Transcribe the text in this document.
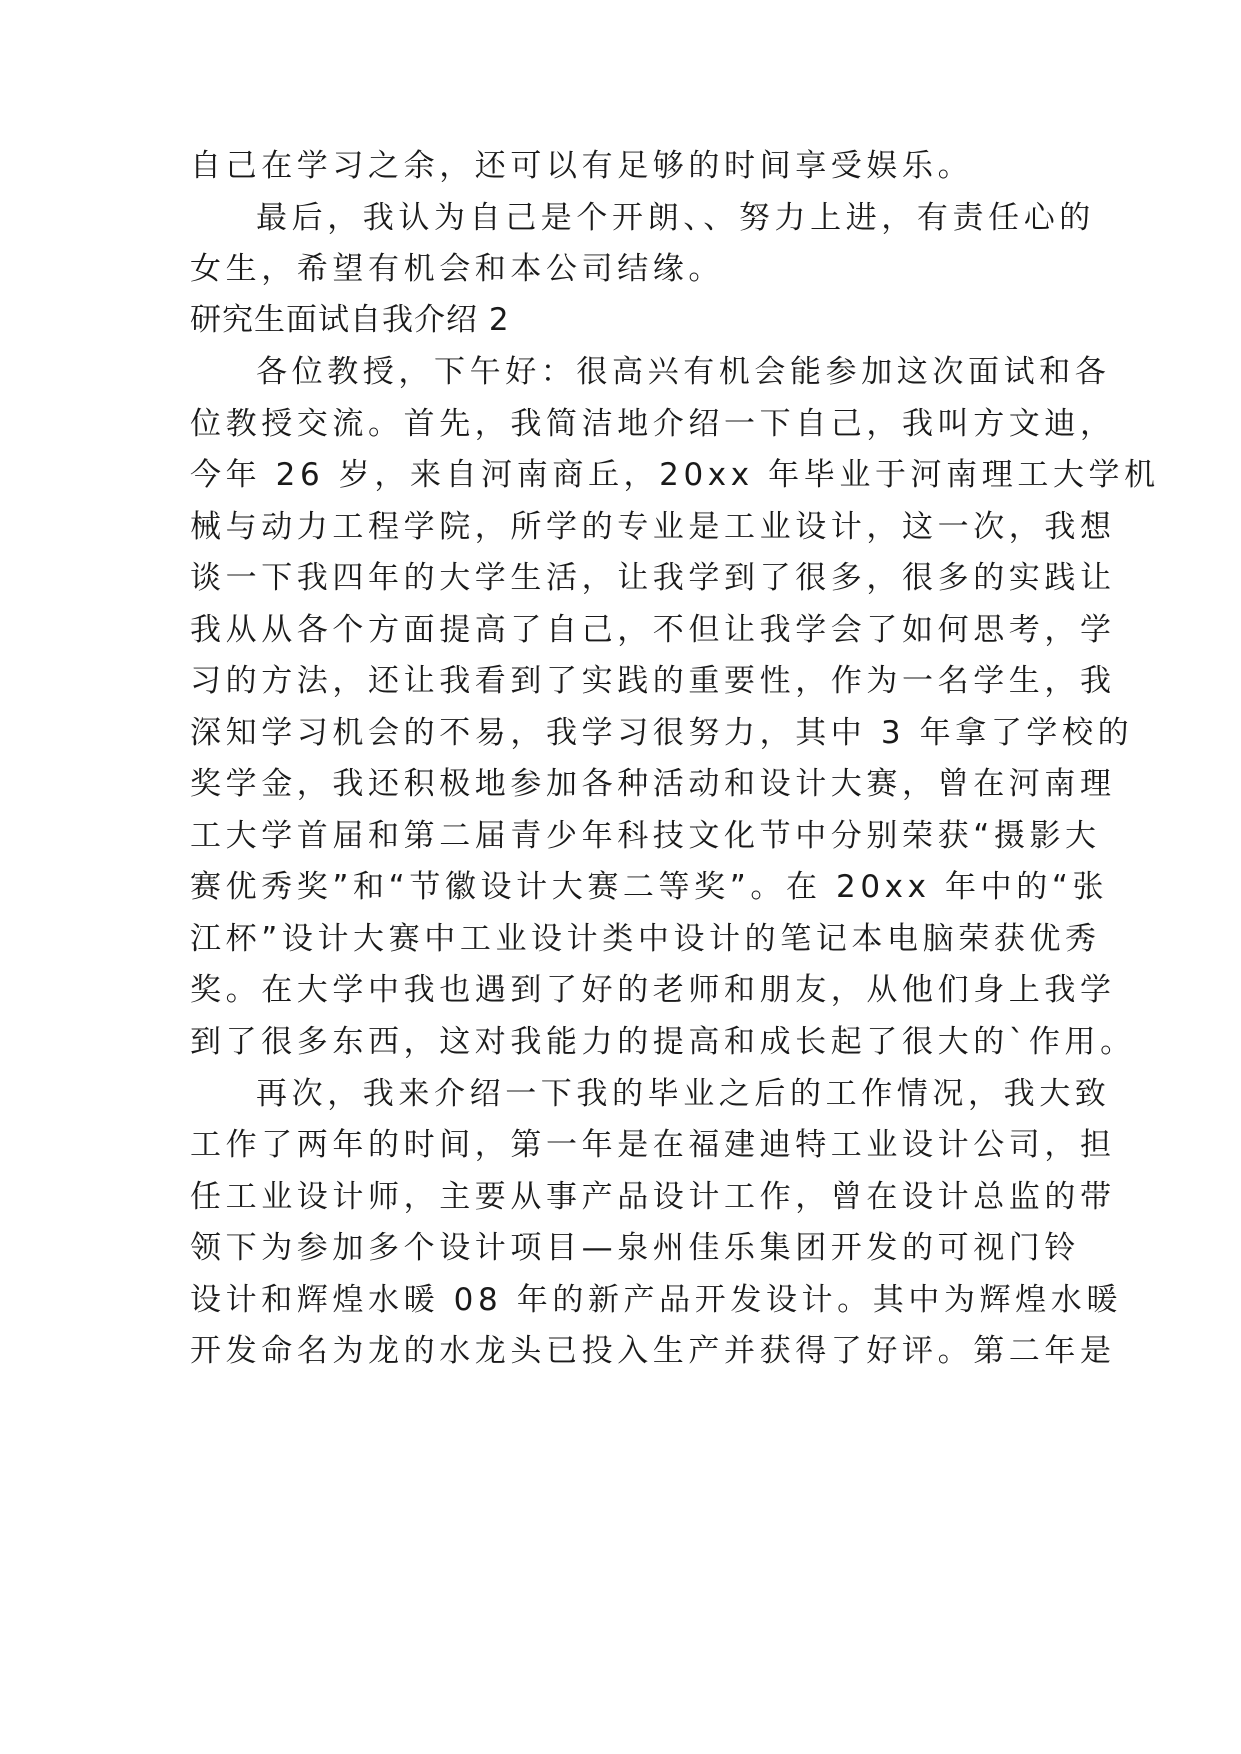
自己在学习之余，还可以有足够的时间享受娱乐。
最后，我认为自己是个开朗、、努力上进，有责任心的
女生，希望有机会和本公司结缘。
研究生面试自我介绍 2
各位教授，下午好：很高兴有机会能参加这次面试和各
位教授交流。首先，我简洁地介绍一下自己，我叫方文迪，
今年 26 岁，来自河南商丘，20xx 年毕业于河南理工大学机
械与动力工程学院，所学的专业是工业设计，这一次，我想
谈一下我四年的大学生活，让我学到了很多，很多的实践让
我从从各个方面提高了自己，不但让我学会了如何思考，学
习的方法，还让我看到了实践的重要性，作为一名学生，我
深知学习机会的不易，我学习很努力，其中 3 年拿了学校的
奖学金，我还积极地参加各种活动和设计大赛，曾在河南理
工大学首届和第二届青少年科技文化节中分别荣获“摄影大
赛优秀奖”和“节徽设计大赛二等奖”。在 20xx 年中的“张
江杯”设计大赛中工业设计类中设计的笔记本电脑荣获优秀
奖。在大学中我也遇到了好的老师和朋友，从他们身上我学
到了很多东西，这对我能力的提高和成长起了很大的`作用。
再次，我来介绍一下我的毕业之后的工作情况，我大致
工作了两年的时间，第一年是在福建迪特工业设计公司，担
任工业设计师，主要从事产品设计工作，曾在设计总监的带
领下为参加多个设计项目—泉州佳乐集团开发的可视门铃
设计和辉煌水暖 08 年的新产品开发设计。其中为辉煌水暖
开发命名为龙的水龙头已投入生产并获得了好评。第二年是
